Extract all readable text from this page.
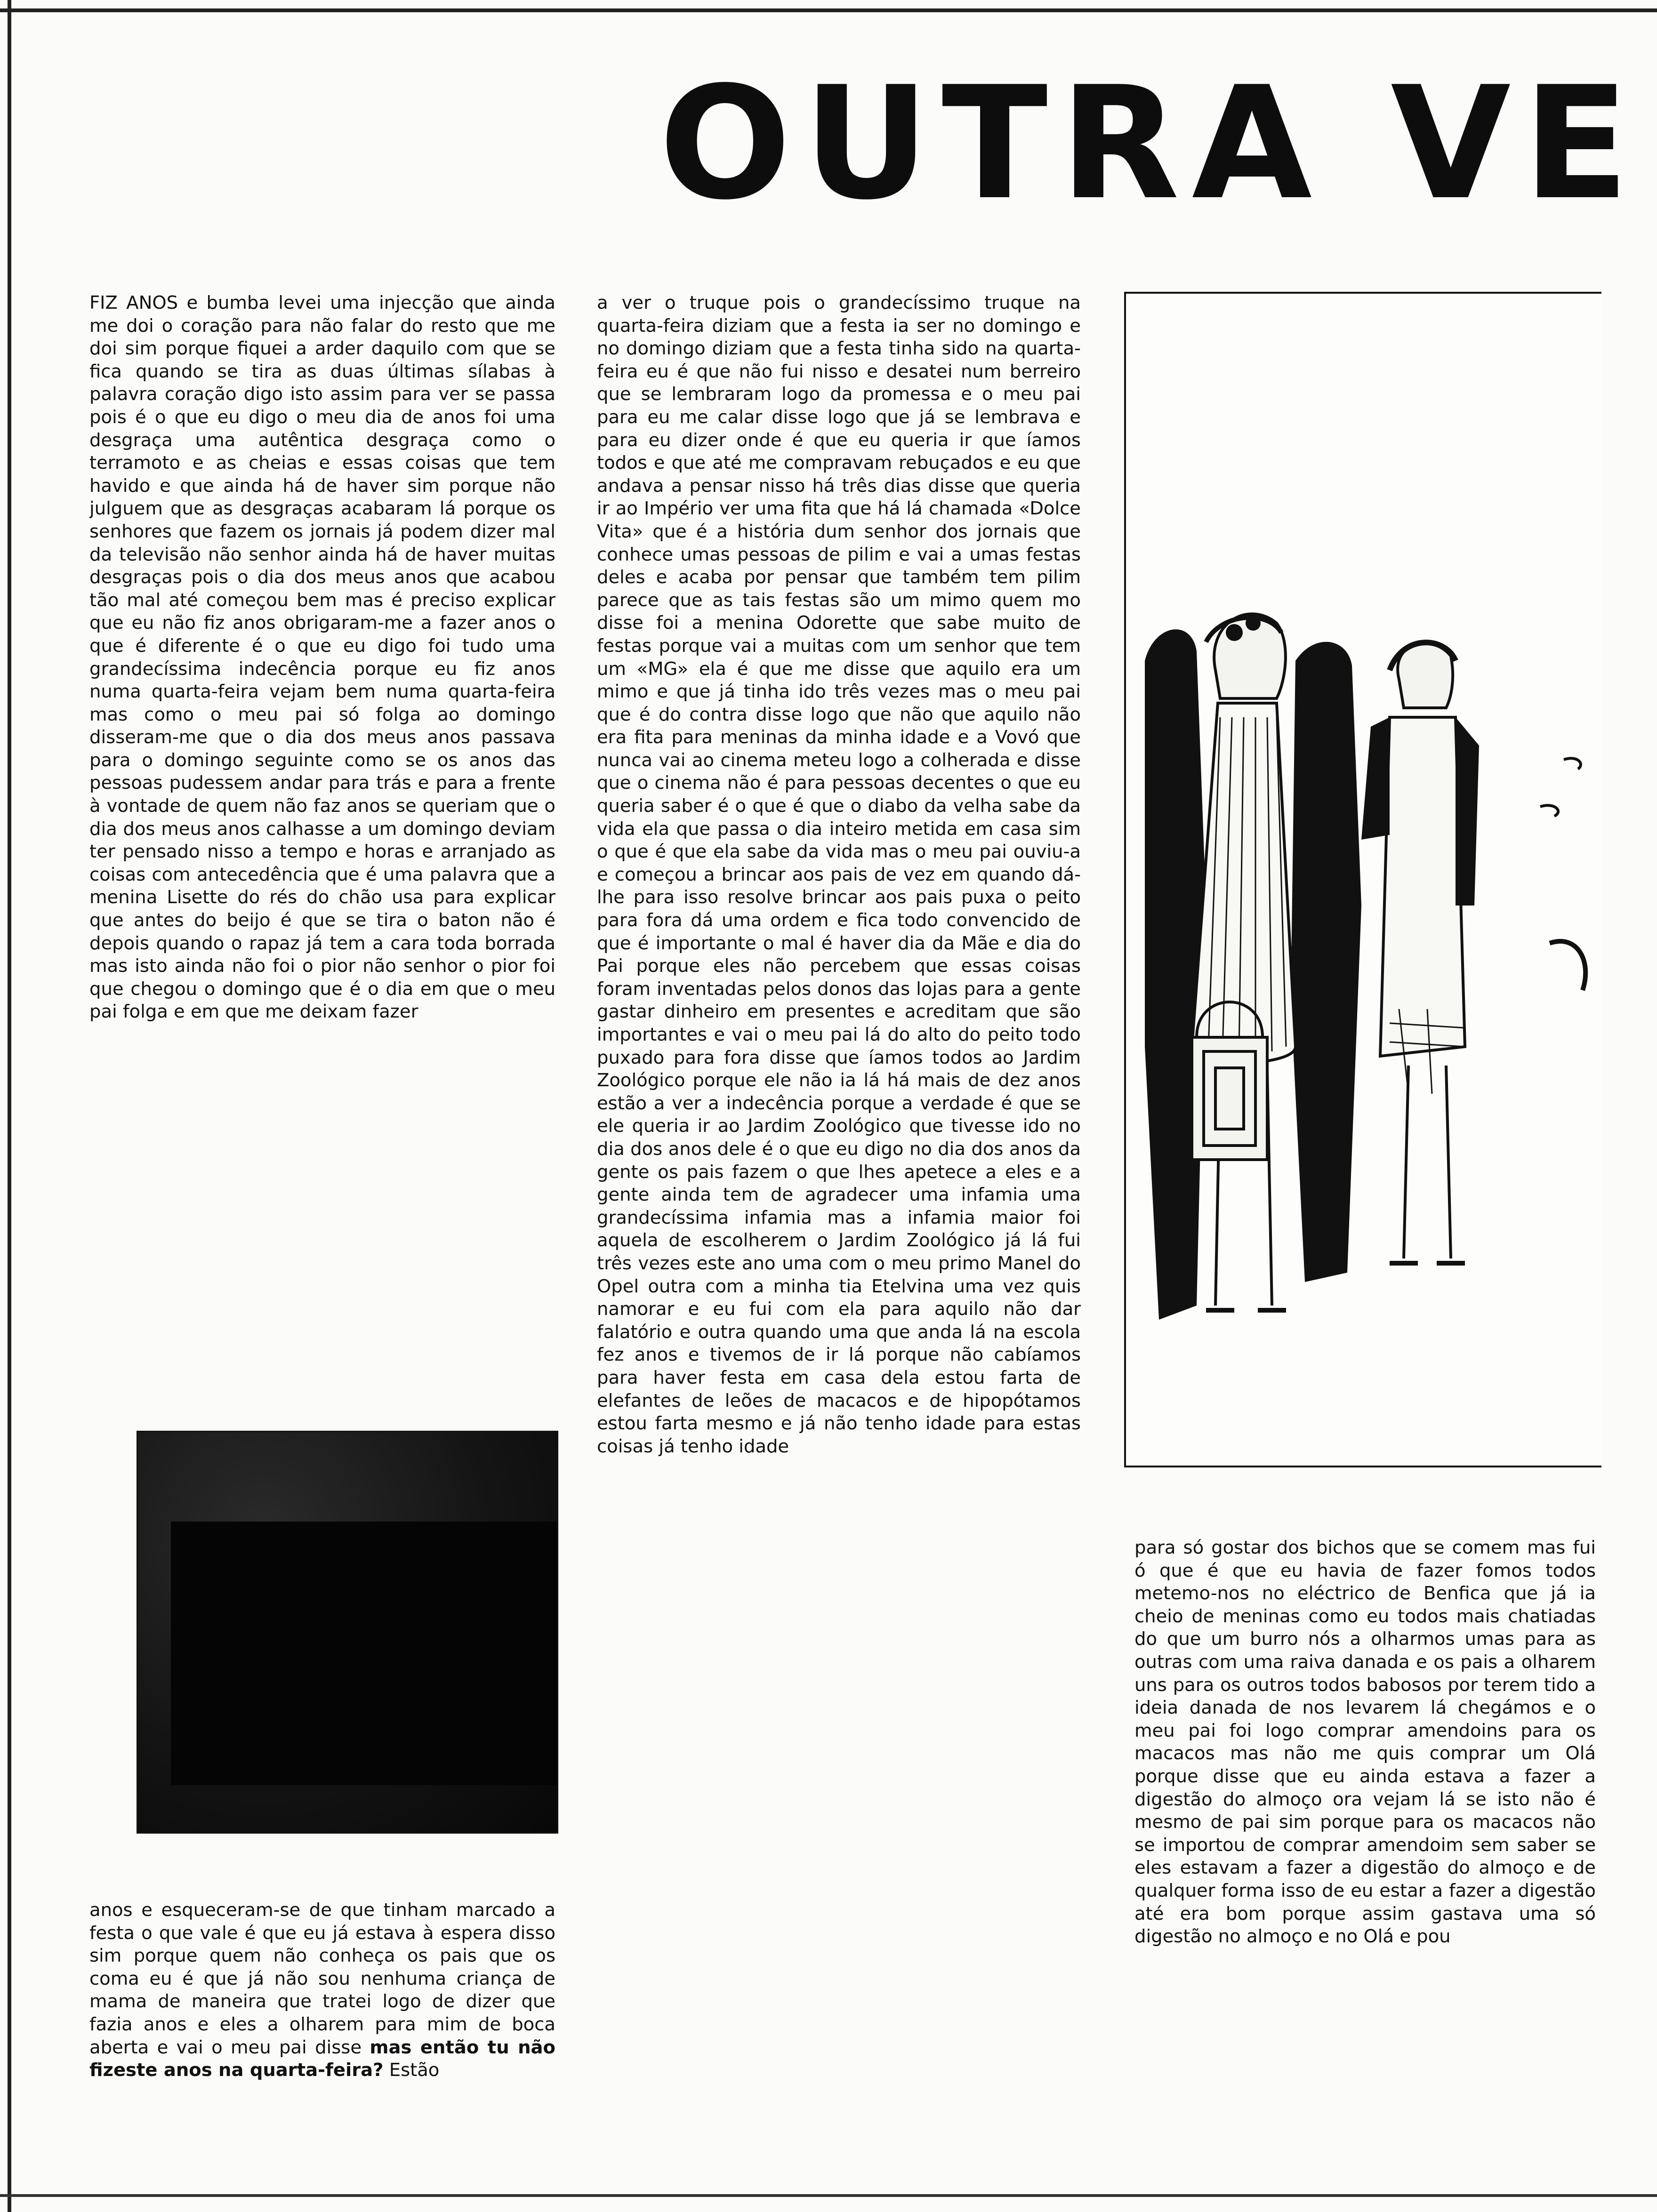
OUTRA VE

FIZ ANOS e bumba levei uma injecção que ainda me doi o coração para não falar do resto que me doi sim porque fiquei a arder daquilo com que se fica quando se tira as duas últimas sílabas à palavra coração digo isto assim para ver se passa pois é o que eu digo o meu dia de anos foi uma desgraça uma autêntica desgraça como o terramoto e as cheias e essas coisas que tem havido e que ainda há de haver sim porque não julguem que as desgraças acabaram lá porque os senhores que fazem os jornais já podem dizer mal da televisão não senhor ainda há de haver muitas desgraças pois o dia dos meus anos que acabou tão mal até começou bem mas é preciso explicar que eu não fiz anos obrigaram-me a fazer anos o que é diferente é o que eu digo foi tudo uma grandecíssima indecência porque eu fiz anos numa quarta-feira vejam bem numa quarta-feira mas como o meu pai só folga ao domingo disseram-me que o dia dos meus anos passava para o domingo seguinte como se os anos das pessoas pudessem andar para trás e para a frente à vontade de quem não faz anos se queriam que o dia dos meus anos calhasse a um domingo deviam ter pensado nisso a tempo e horas e arranjado as coisas com antecedência que é uma palavra que a menina Lisette do rés do chão usa para explicar que antes do beijo é que se tira o baton não é depois quando o rapaz já tem a cara toda borrada mas isto ainda não foi o pior não senhor o pior foi que chegou o domingo que é o dia em que o meu pai folga e em que me deixam fazer

anos e esqueceram-se de que tinham marcado a festa o que vale é que eu já estava à espera disso sim porque quem não conheça os pais que os coma eu é que já não sou nenhuma criança de mama de maneira que tratei logo de dizer que fazia anos e eles a olharem para mim de boca aberta e vai o meu pai disse mas então tu não fizeste anos na quarta-feira? Estão

a ver o truque pois o grandecíssimo truque na quarta-feira diziam que a festa ia ser no domingo e no domingo diziam que a festa tinha sido na quarta-feira eu é que não fui nisso e desatei num berreiro que se lembraram logo da promessa e o meu pai para eu me calar disse logo que já se lembrava e para eu dizer onde é que eu queria ir que íamos todos e que até me compravam rebuçados e eu que andava a pensar nisso há três dias disse que queria ir ao Império ver uma fita que há lá chamada «Dolce Vita» que é a história dum senhor dos jornais que conhece umas pessoas de pilim e vai a umas festas deles e acaba por pensar que também tem pilim parece que as tais festas são um mimo quem mo disse foi a menina Odorette que sabe muito de festas porque vai a muitas com um senhor que tem um «MG» ela é que me disse que aquilo era um mimo e que já tinha ido três vezes mas o meu pai que é do contra disse logo que não que aquilo não era fita para meninas da minha idade e a Vovó que nunca vai ao cinema meteu logo a colherada e disse que o cinema não é para pessoas decentes o que eu queria saber é o que é que o diabo da velha sabe da vida ela que passa o dia inteiro metida em casa sim o que é que ela sabe da vida mas o meu pai ouviu-a e começou a brincar aos pais de vez em quando dá-lhe para isso resolve brincar aos pais puxa o peito para fora dá uma ordem e fica todo convencido de que é importante o mal é haver dia da Mãe e dia do Pai porque eles não percebem que essas coisas foram inventadas pelos donos das lojas para a gente gastar dinheiro em presentes e acreditam que são importantes e vai o meu pai lá do alto do peito todo puxado para fora disse que íamos todos ao Jardim Zoológico porque ele não ia lá há mais de dez anos estão a ver a indecência porque a verdade é que se ele queria ir ao Jardim Zoológico que tivesse ido no dia dos anos dele é o que eu digo no dia dos anos da gente os pais fazem o que lhes apetece a eles e a gente ainda tem de agradecer uma infamia uma grandecíssima infamia mas a infamia maior foi aquela de escolherem o Jardim Zoológico já lá fui três vezes este ano uma com o meu primo Manel do Opel outra com a minha tia Etelvina uma vez quis namorar e eu fui com ela para aquilo não dar falatório e outra quando uma que anda lá na escola fez anos e tivemos de ir lá porque não cabíamos para haver festa em casa dela estou farta de elefantes de leões de macacos e de hipopótamos estou farta mesmo e já não tenho idade para estas coisas já tenho idade

para só gostar dos bichos que se comem mas fui ó que é que eu havia de fazer fomos todos metemo-nos no eléctrico de Benfica que já ia cheio de meninas como eu todos mais chatiadas do que um burro nós a olharmos umas para as outras com uma raiva danada e os pais a olharem uns para os outros todos babosos por terem tido a ideia danada de nos levarem lá chegámos e o meu pai foi logo comprar amendoins para os macacos mas não me quis comprar um Olá porque disse que eu ainda estava a fazer a digestão do almoço ora vejam lá se isto não é mesmo de pai sim porque para os macacos não se importou de comprar amendoim sem saber se eles estavam a fazer a digestão do almoço e de qualquer forma isso de eu estar a fazer a digestão até era bom porque assim gastava uma só digestão no almoço e no Olá e pou
